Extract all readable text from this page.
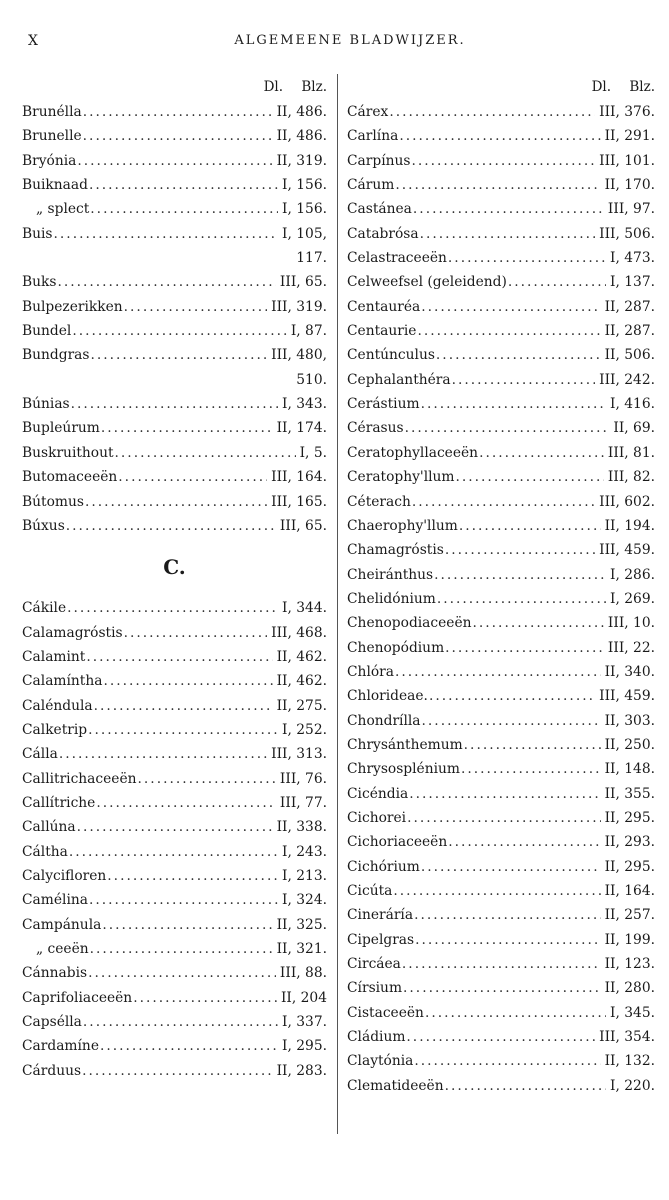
X	ALGEMEENE BLADWIJZER.
Dl.	Blz.
Brunélla .....	II, 486.
Brunelle .....	II, 486.
Bryónia .....	II, 319.
Buiknaad .....	I, 156.
„ splect .....	I, 156.
Buis .....	I, 105,
117.
Buks .....	III, 65.
Bulpezerikken .....	III, 319.
Bundel .....	I, 87.
Bundgras .....	III, 480,
510.
Búnias .....	I, 343.
Bupleúrum .....	II, 174.
Buskruithout .....	I, 5.
Butomaceeën .....	III, 164.
Bútomus .....	III, 165.
Búxus .....	III, 65.
C.
Cákile .....	I, 344.
Calamagróstis .....	III, 468.
Calamint .....	II, 462.
Calamíntha .....	II, 462.
Caléndula .....	II, 275.
Calketrip .....	I, 252.
Cálla .....	III, 313.
Callitrichaceeën .....	III, 76.
Callítriche .....	III, 77.
Callúna .....	II, 338.
Cáltha .....	I, 243.
Calycifloren .....	I, 213.
Camélina .....	I, 324.
Campánula .....	II, 325.
„ ceeën .....	II, 321.
Cánnabis .....	III, 88.
Caprifoliaceeën .....	II, 204
Capsélla .....	I, 337.
Cardamíne .....	I, 295.
Cárduus .....	II, 283.
Dl.	Blz.
Cárex .....	III, 376.
Carlína .....	II, 291.
Carpínus .....	III, 101.
Cárum .....	II, 170.
Castánea .....	III, 97.
Catabrósa .....	III, 506.
Celastraceeën .....	I, 473.
Celweefsel (geleidend) .....	I, 137.
Centauréa .....	II, 287.
Centaurie .....	II, 287.
Centúnculus .....	II, 506.
Cephalanthéra .....	III, 242.
Cerástium .....	I, 416.
Cérasus .....	II, 69.
Ceratophyllaceeën .....	III, 81.
Ceratophy'llum .....	III, 82.
Céterach .....	III, 602.
Chaerophy'llum .....	II, 194.
Chamagróstis .....	III, 459.
Cheiránthus .....	I, 286.
Chelidónium .....	I, 269.
Chenopodiaceeën .....	III, 10.
Chenopódium .....	III, 22.
Chlóra .....	II, 340.
Chlorideae. .....	III, 459.
Chondrílla .....	II, 303.
Chrysánthemum .....	II, 250.
Chrysosplénium .....	II, 148.
Cicéndia .....	II, 355.
Cichorei .....	II, 295.
Cichoriaceeën .....	II, 293.
Cichórium .....	II, 295.
Cicúta .....	II, 164.
Cineráría .....	II, 257.
Cipelgras .....	II, 199.
Circáea .....	II, 123.
Círsium .....	II, 280.
Cistaceeën .....	I, 345.
Cládium .....	III, 354.
Claytónia .....	II, 132.
Clematideeën .....	I, 220.
